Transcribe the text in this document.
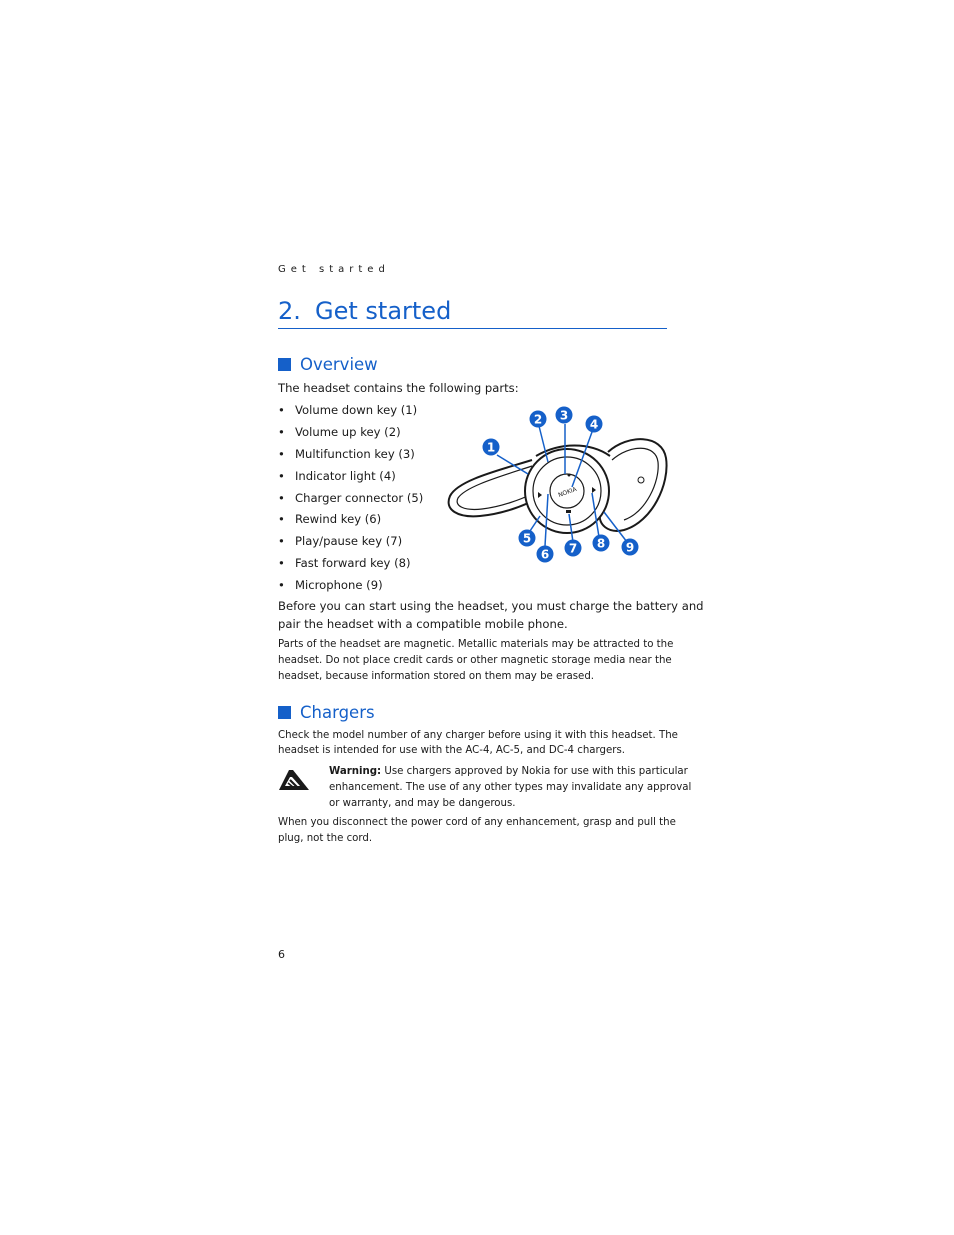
Get started
2. Get started
Overview
The headset contains the following parts:
• Volume down key (1)
• Volume up key (2)
• Multifunction key (3)
• Indicator light (4)
• Charger connector (5)
• Rewind key (6)
• Play/pause key (7)
• Fast forward key (8)
• Microphone (9)
NOKIA
1
2 3
4
5
6 7 8 9
Before you can start using the headset, you must charge the battery and
pair the headset with a compatible mobile phone.
Parts of the headset are magnetic. Metallic materials may be attracted to the
headset. Do not place credit cards or other magnetic storage media near the
headset, because information stored on them may be erased.
Chargers
Check the model number of any charger before using it with this headset. The
headset is intended for use with the AC-4, AC-5, and DC-4 chargers.
Warning: Use chargers approved by Nokia for use with this particular
enhancement. The use of any other types may invalidate any approval
or warranty, and may be dangerous.
When you disconnect the power cord of any enhancement, grasp and pull the
plug, not the cord.
6
